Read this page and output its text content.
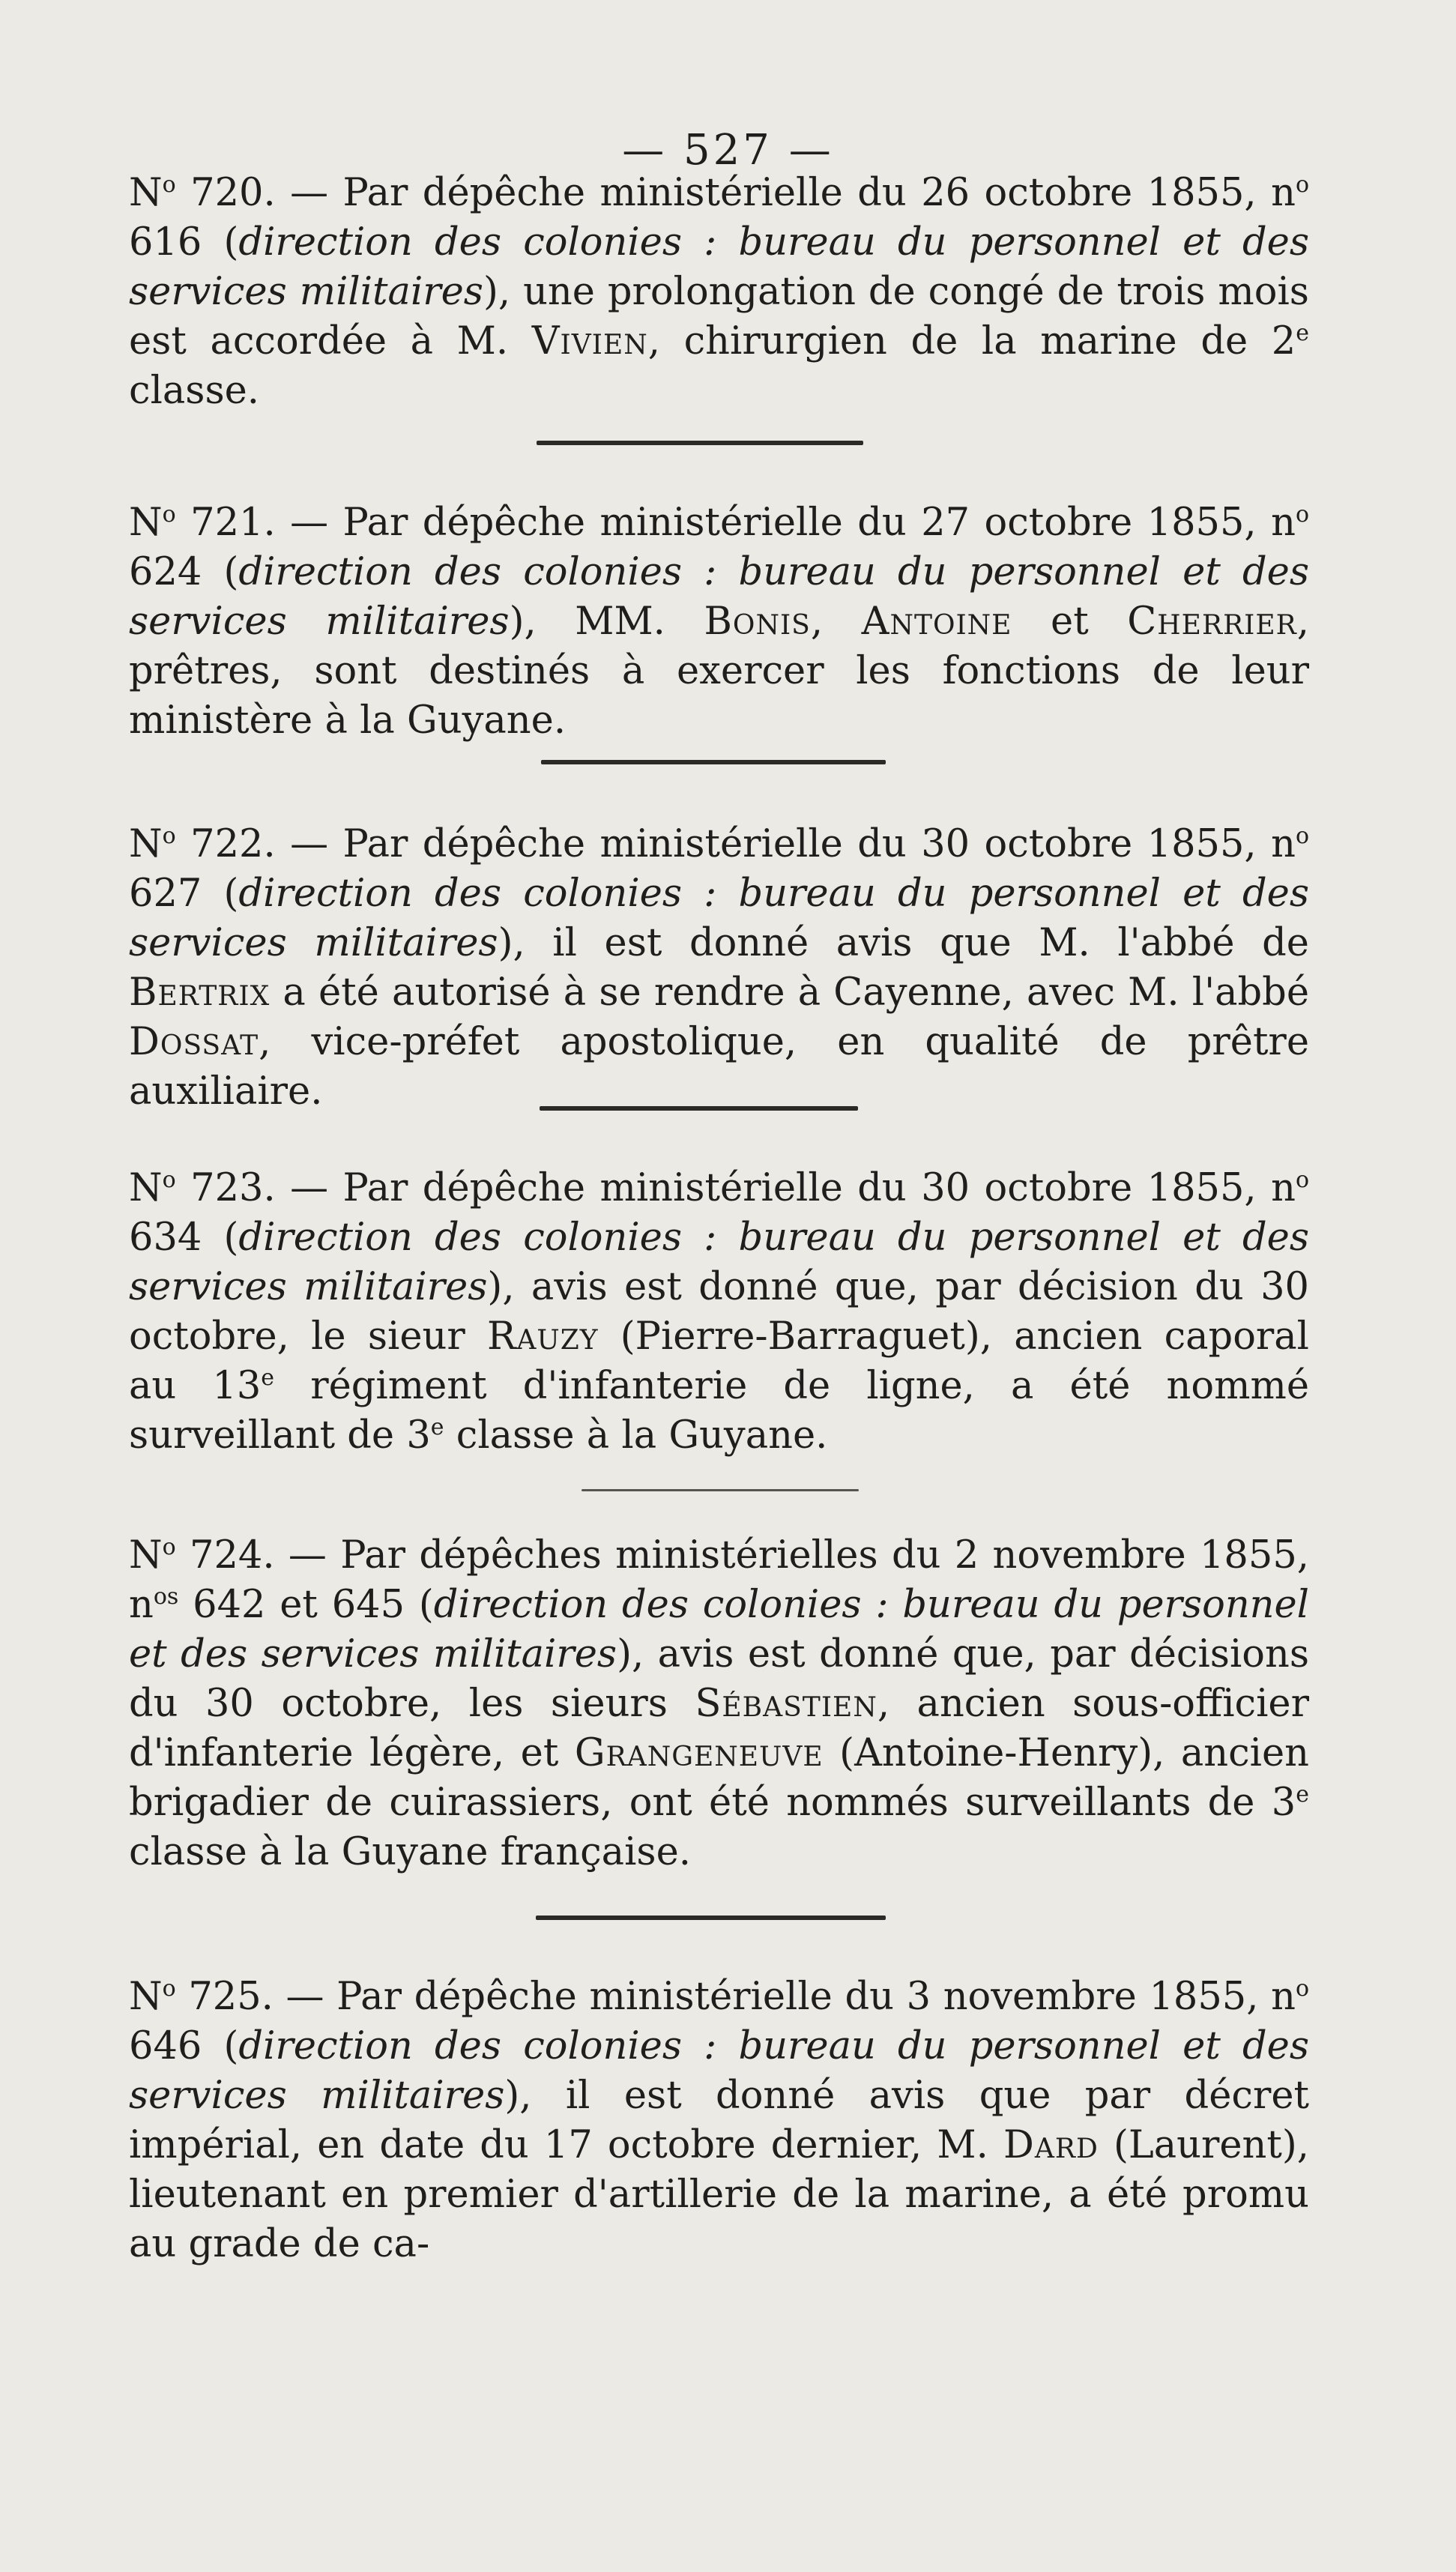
— 527 —
$N^o$ 720. — Par dépêche ministérielle du 26 octobre 1855, $n^o$ 616 (direction des colonies : bureau du personnel et des services militaires), une prolongation de congé de trois mois est accordée à M. Vivien, chirurgien de la marine de 2e classe.
$N^o$ 721. — Par dépêche ministérielle du 27 octobre 1855, $n^o$ 624 (direction des colonies : bureau du personnel et des services militaires), MM. Bonis, Antoine et Cherrier, prêtres, sont destinés à exercer les fonctions de leur ministère à la Guyane.
$N^o$ 722. — Par dépêche ministérielle du 30 octobre 1855, $n^o$ 627 (direction des colonies : bureau du personnel et des services militaires), il est donné avis que M. l'abbé de Bertrix a été autorisé à se rendre à Cayenne, avec M. l'abbé Dossat, vice-préfet apostolique, en qualité de prêtre auxiliaire.
$N^o$ 723. — Par dépêche ministérielle du 30 octobre 1855, $n^o$ 634 (direction des colonies : bureau du personnel et des services militaires), avis est donné que, par décision du 30 octobre, le sieur Rauzy (Pierre-Barraguet), ancien caporal au 13e régiment d'infanterie de ligne, a été nommé surveillant de 3e classe à la Guyane.
$N^o$ 724. — Par dépêches ministérielles du 2 novembre 1855, $n^{os}$ 642 et 645 (direction des colonies : bureau du personnel et des services militaires), avis est donné que, par décisions du 30 octobre, les sieurs Sébastien, ancien sous-officier d'infanterie légère, et Grangeneuve (Antoine-Henry), ancien brigadier de cuirassiers, ont été nommés surveillants de 3e classe à la Guyane française.
$N^o$ 725. — Par dépêche ministérielle du 3 novembre 1855, $n^o$ 646 (direction des colonies : bureau du personnel et des services militaires), il est donné avis que par décret impérial, en date du 17 octobre dernier, M. Dard (Laurent), lieutenant en premier d'artillerie de la marine, a été promu au grade de ca-
